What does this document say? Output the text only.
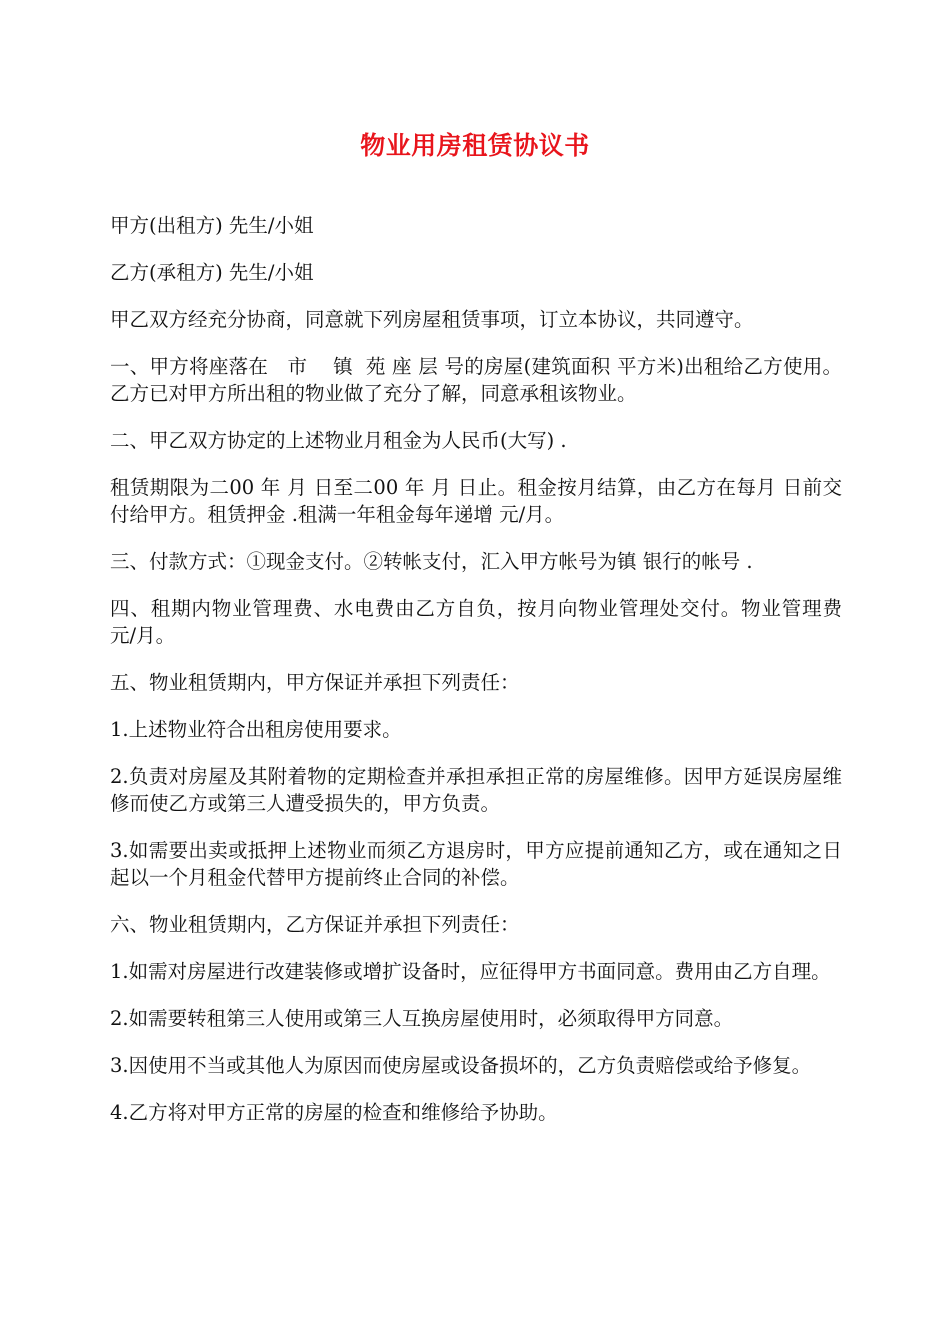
物业用房租赁协议书

甲方(出租方) 先生/小姐

乙方(承租方) 先生/小姐

甲乙双方经充分协商，同意就下列房屋租赁事项，订立本协议，共同遵守。

一、甲方将座落在   市    镇  苑 座 层 号的房屋(建筑面积 平方米)出租给乙方使用。乙方已对甲方所出租的物业做了充分了解，同意承租该物业。

二、甲乙双方协定的上述物业月租金为人民币(大写) .

租赁期限为二00 年 月 日至二00 年 月 日止。租金按月结算，由乙方在每月 日前交付给甲方。租赁押金 .租满一年租金每年递增 元/月。

三、付款方式：①现金支付。②转帐支付，汇入甲方帐号为镇 银行的帐号 .

四、租期内物业管理费、水电费由乙方自负，按月向物业管理处交付。物业管理费 元/月。

五、物业租赁期内，甲方保证并承担下列责任：

1.上述物业符合出租房使用要求。

2.负责对房屋及其附着物的定期检查并承担承担正常的房屋维修。因甲方延误房屋维修而使乙方或第三人遭受损失的，甲方负责。

3.如需要出卖或抵押上述物业而须乙方退房时，甲方应提前通知乙方，或在通知之日起以一个月租金代替甲方提前终止合同的补偿。

六、物业租赁期内，乙方保证并承担下列责任：

1.如需对房屋进行改建装修或增扩设备时，应征得甲方书面同意。费用由乙方自理。

2.如需要转租第三人使用或第三人互换房屋使用时，必须取得甲方同意。

3.因使用不当或其他人为原因而使房屋或设备损坏的，乙方负责赔偿或给予修复。

4.乙方将对甲方正常的房屋的检查和维修给予协助。
